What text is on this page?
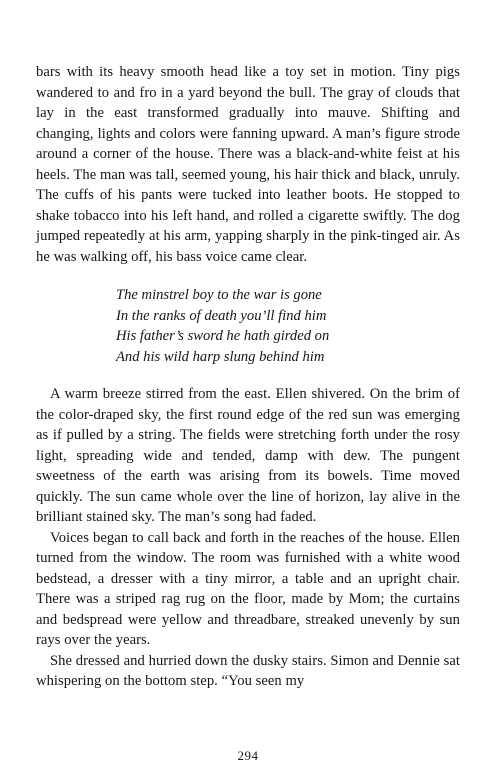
bars with its heavy smooth head like a toy set in motion. Tiny pigs wandered to and fro in a yard beyond the bull. The gray of clouds that lay in the east transformed gradually into mauve. Shifting and changing, lights and colors were fanning upward. A man’s figure strode around a corner of the house. There was a black-and-white feist at his heels. The man was tall, seemed young, his hair thick and black, unruly. The cuffs of his pants were tucked into leather boots. He stopped to shake tobacco into his left hand, and rolled a cigarette swiftly. The dog jumped repeatedly at his arm, yapping sharply in the pink-tinged air. As he was walking off, his bass voice came clear.

The minstrel boy to the war is gone
In the ranks of death you’ll find him
His father’s sword he hath girded on
And his wild harp slung behind him

A warm breeze stirred from the east. Ellen shivered. On the brim of the color-draped sky, the first round edge of the red sun was emerging as if pulled by a string. The fields were stretching forth under the rosy light, spreading wide and tended, damp with dew. The pungent sweetness of the earth was arising from its bowels. Time moved quickly. The sun came whole over the line of horizon, lay alive in the brilliant stained sky. The man’s song had faded.

Voices began to call back and forth in the reaches of the house. Ellen turned from the window. The room was furnished with a white wood bedstead, a dresser with a tiny mirror, a table and an upright chair. There was a striped rag rug on the floor, made by Mom; the curtains and bedspread were yellow and threadbare, streaked unevenly by sun rays over the years.

She dressed and hurried down the dusky stairs. Simon and Dennie sat whispering on the bottom step. “You seen my

294
